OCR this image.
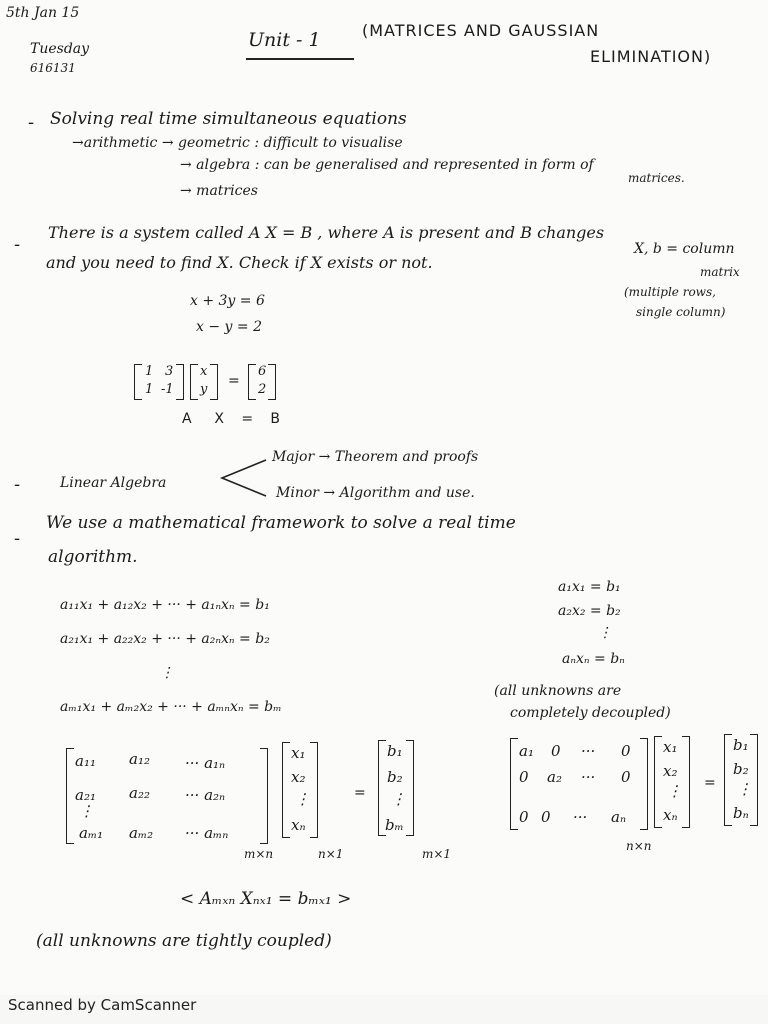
5th Jan 15
Tuesday
616131
Unit - 1	(MATRICES AND GAUSSIAN
ELIMINATION)
- Solving real time simultaneous equations
→arithmetic → geometric : difficult to visualise
→ algebra : can be generalised and represented in form of
matrices.
→ matrices
-
There is a system called A X = B , where A is present and B changes
and you need to find X. Check if X exists or not.
X, b = column
matrix
(multiple rows,
single column)
x + 3y = 6
x − y = 2
1 3
1 -1
x
y
=
6
2
A    X   =   B
-	Linear Algebra
Major → Theorem and proofs
Minor → Algorithm and use.
-
We use a mathematical framework to solve a real time
algorithm.
a₁₁x₁ + a₁₂x₂ + ··· + a₁ₙxₙ = b₁
a₂₁x₁ + a₂₂x₂ + ··· + a₂ₙxₙ = b₂
⋮
aₘ₁x₁ + aₘ₂x₂ + ··· + aₘₙxₙ = bₘ
a₁x₁ = b₁
a₂x₂ = b₂
⋮
aₙxₙ = bₙ
(all unknowns are
completely decoupled)
a₁₁ a₁₂ ··· a₁ₙ
a₂₁ a₂₂ ··· a₂ₙ
⋮
aₘ₁ aₘ₂ ··· aₘₙ
x₁
x₂
⋮
xₙ
=
b₁
b₂
⋮
bₘ
m×n	n×1	m×1
a₁ 0 ··· 0
0 a₂ ··· 0
0 0 ··· aₙ
x₁
x₂
⋮
xₙ
=
b₁
b₂
⋮
bₙ
n×n
< Aₘₓₙ Xₙₓ₁ = bₘₓ₁ >
(all unknowns are tightly coupled)
Scanned by CamScanner
